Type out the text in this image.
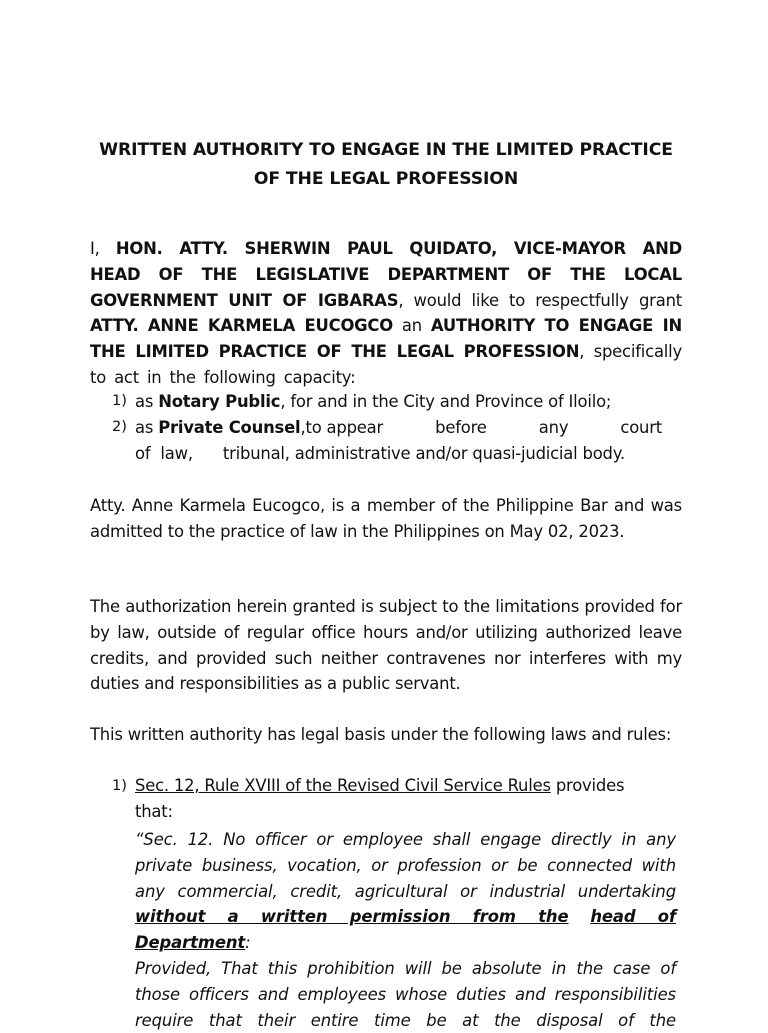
WRITTEN AUTHORITY TO ENGAGE IN THE LIMITED PRACTICE
OF THE LEGAL PROFESSION
I, HON. ATTY. SHERWIN PAUL QUIDATO, VICE-MAYOR AND HEAD OF THE LEGISLATIVE DEPARTMENT OF THE LOCAL GOVERNMENT UNIT OF IGBARAS, would like to respectfully grant ATTY. ANNE KARMELA EUCOGCO an AUTHORITY TO ENGAGE IN THE LIMITED PRACTICE OF THE LEGAL PROFESSION, specifically to act in the following capacity:
1) as Notary Public, for and in the City and Province of Iloilo;
2) as Private Counsel,to appear	before	any	court
of  law,      tribunal, administrative and/or quasi-judicial body.
Atty. Anne Karmela Eucogco, is a member of the Philippine Bar and was admitted to the practice of law in the Philippines on May 02, 2023.
The authorization herein granted is subject to the limitations provided for by law, outside of regular office hours and/or utilizing authorized leave credits, and provided such neither contravenes nor interferes with my duties and responsibilities as a public servant.
This written authority has legal basis under the following laws and rules:
1) Sec. 12, Rule XVIII of the Revised Civil Service Rules provides that:
“Sec. 12. No officer or employee shall engage directly in any
private business, vocation, or profession or be connected with
any commercial, credit, agricultural or industrial undertaking
without a written permission from the head of Department:
Provided, That this prohibition will be absolute in the case of
those officers and employees whose duties and responsibilities
require that their entire time be at the disposal of the
